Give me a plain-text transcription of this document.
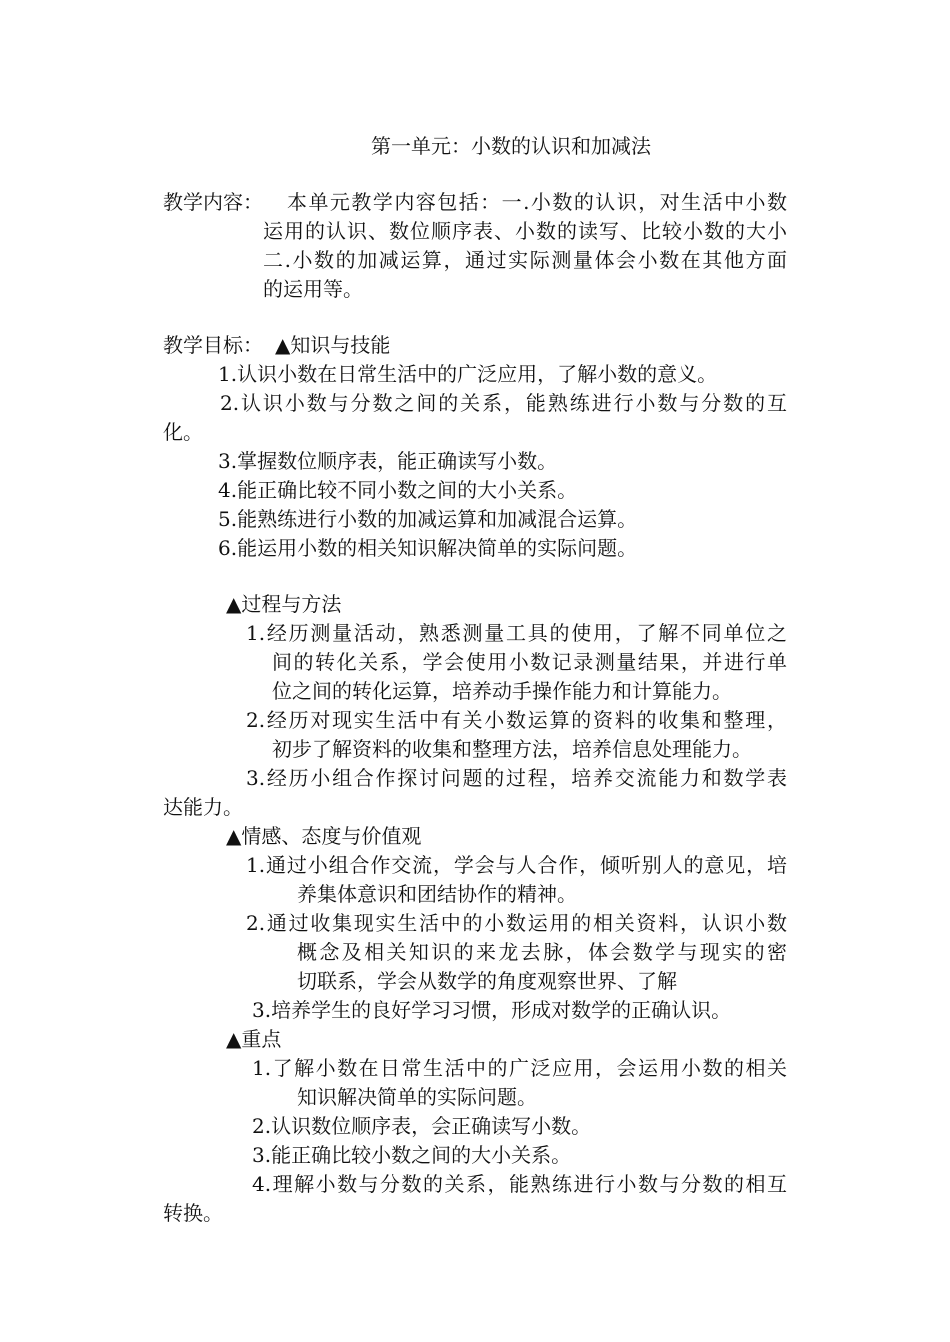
第一单元：小数的认识和加减法

教学内容： 本单元教学内容包括：一.小数的认识，对生活中小数

运用的认识、数位顺序表、小数的读写、比较小数的大小

二.小数的加减运算，通过实际测量体会小数在其他方面

的运用等。

教学目标： ▲知识与技能

1.认识小数在日常生活中的广泛应用，了解小数的意义。

2.认识小数与分数之间的关系，能熟练进行小数与分数的互

化。

3.掌握数位顺序表，能正确读写小数。

4.能正确比较不同小数之间的大小关系。

5.能熟练进行小数的加减运算和加减混合运算。

6.能运用小数的相关知识解决简单的实际问题。

▲过程与方法

1.经历测量活动，熟悉测量工具的使用，了解不同单位之

间的转化关系，学会使用小数记录测量结果，并进行单

位之间的转化运算，培养动手操作能力和计算能力。

2.经历对现实生活中有关小数运算的资料的收集和整理，

初步了解资料的收集和整理方法，培养信息处理能力。

3.经历小组合作探讨问题的过程，培养交流能力和数学表

达能力。

▲情感、态度与价值观

1.通过小组合作交流，学会与人合作，倾听别人的意见，培

养集体意识和团结协作的精神。

2.通过收集现实生活中的小数运用的相关资料，认识小数

概念及相关知识的来龙去脉，体会数学与现实的密

切联系，学会从数学的角度观察世界、了解

3.培养学生的良好学习习惯，形成对数学的正确认识。

▲重点

1.了解小数在日常生活中的广泛应用，会运用小数的相关

知识解决简单的实际问题。

2.认识数位顺序表，会正确读写小数。

3.能正确比较小数之间的大小关系。

4.理解小数与分数的关系，能熟练进行小数与分数的相互

转换。
